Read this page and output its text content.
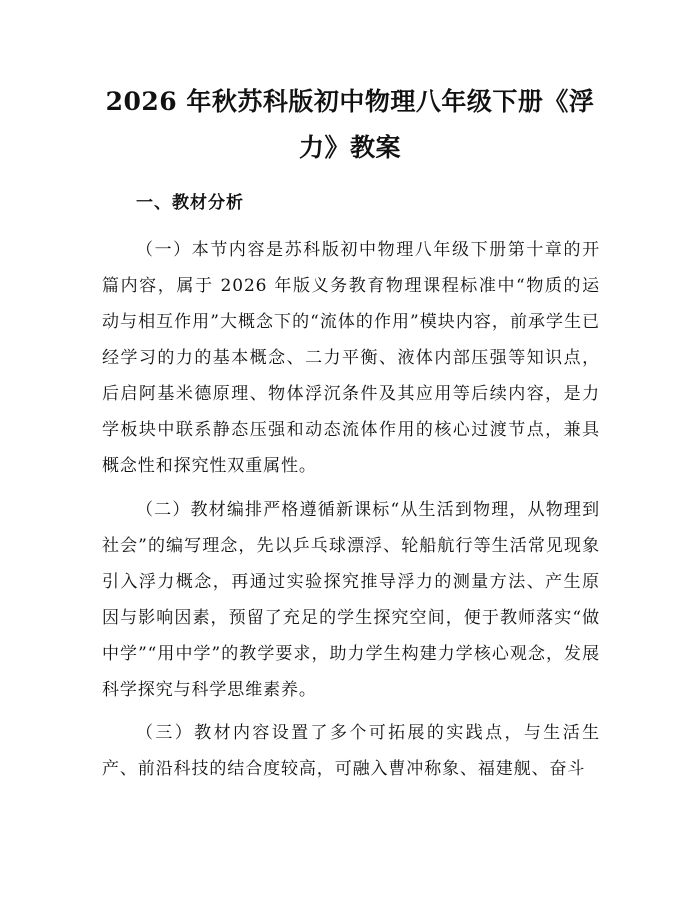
2026 年秋苏科版初中物理八年级下册《浮
力》教案
一、教材分析

（一）本节内容是苏科版初中物理八年级下册第十章的开篇内容，属于 2026 年版义务教育物理课程标准中“物质的运动与相互作用”大概念下的“流体的作用”模块内容，前承学生已经学习的力的基本概念、二力平衡、液体内部压强等知识点，后启阿基米德原理、物体浮沉条件及其应用等后续内容，是力学板块中联系静态压强和动态流体作用的核心过渡节点，兼具概念性和探究性双重属性。

（二）教材编排严格遵循新课标“从生活到物理，从物理到社会”的编写理念，先以乒乓球漂浮、轮船航行等生活常见现象引入浮力概念，再通过实验探究推导浮力的测量方法、产生原因与影响因素，预留了充足的学生探究空间，便于教师落实“做中学”“用中学”的教学要求，助力学生构建力学核心观念，发展科学探究与科学思维素养。

（三）教材内容设置了多个可拓展的实践点，与生活生产、前沿科技的结合度较高，可融入曹冲称象、福建舰、奋斗
